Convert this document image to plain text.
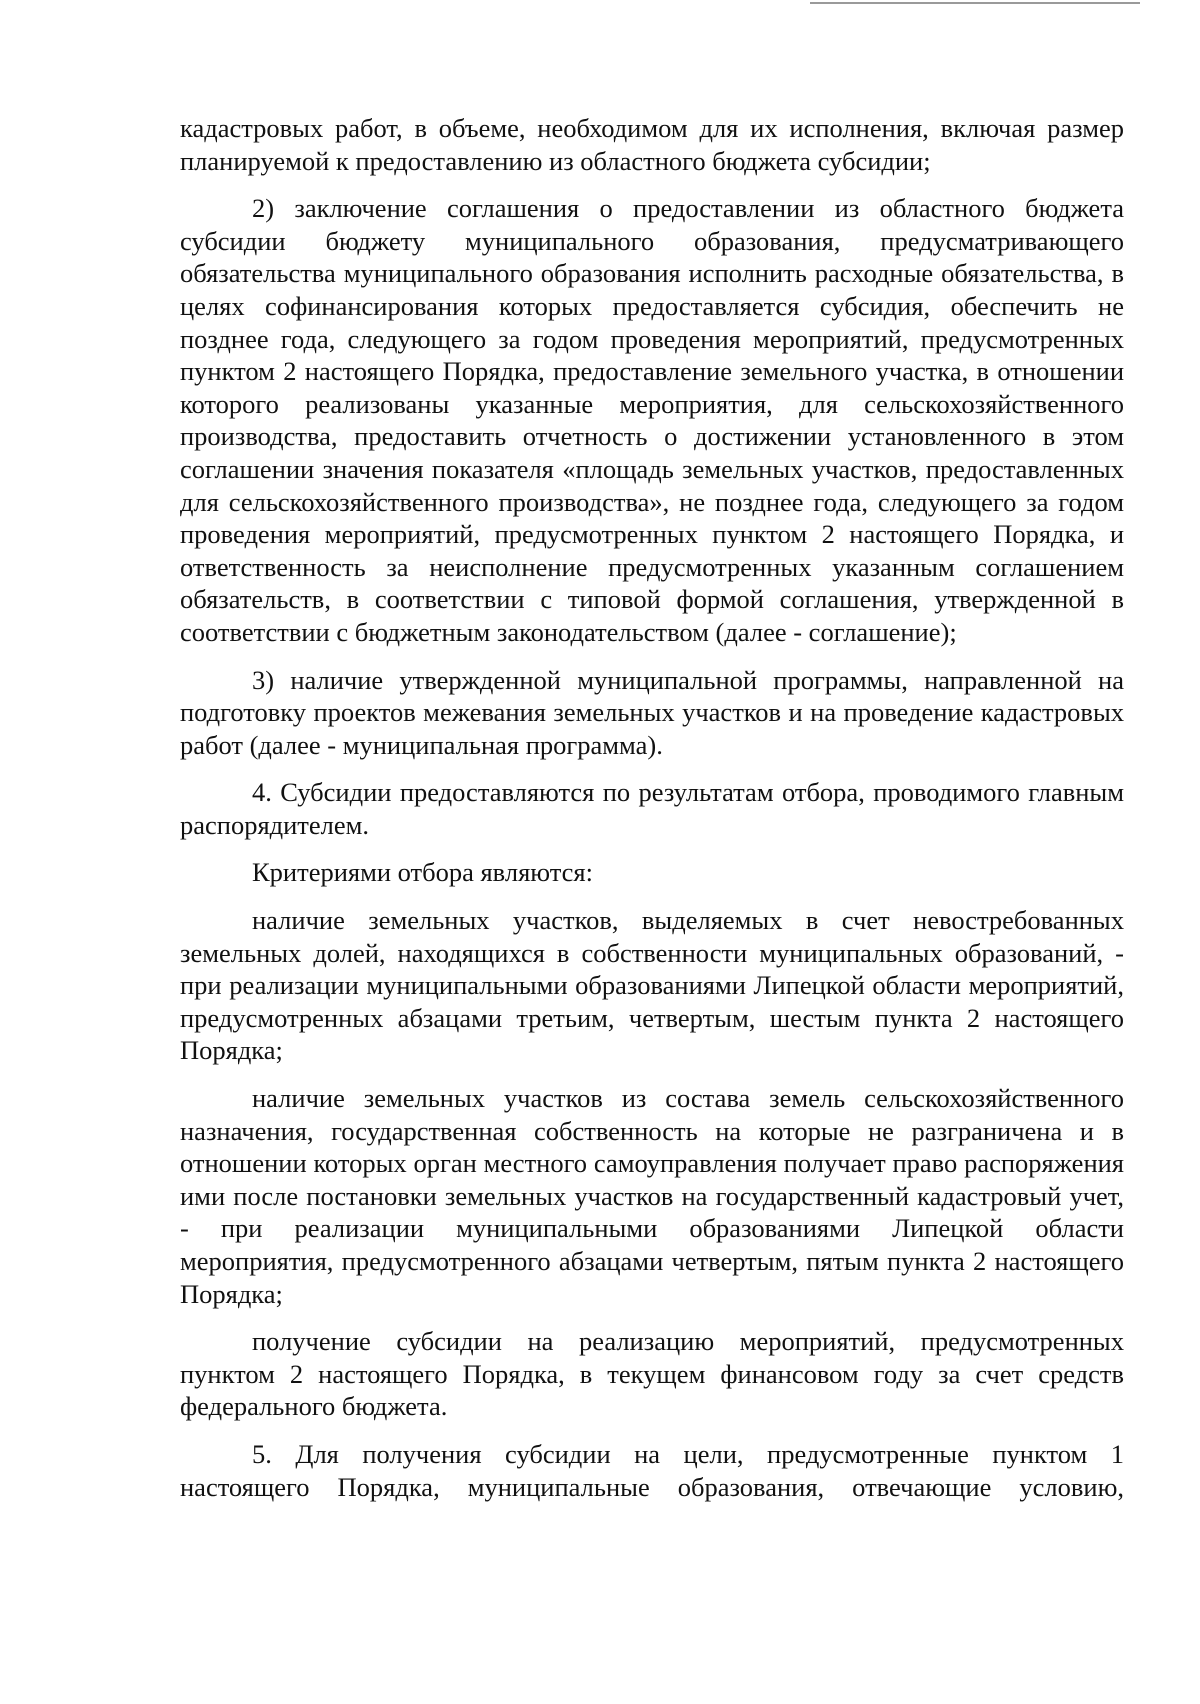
кадастровых работ, в объеме, необходимом для их исполнения, включая размер планируемой к предоставлению из областного бюджета субсидии;

2) заключение соглашения о предоставлении из областного бюджета субсидии бюджету муниципального образования, предусматривающего обязательства муниципального образования исполнить расходные обязательства, в целях софинансирования которых предоставляется субсидия, обеспечить не позднее года, следующего за годом проведения мероприятий, предусмотренных пунктом 2 настоящего Порядка, предоставление земельного участка, в отношении которого реализованы указанные мероприятия, для сельскохозяйственного производства, предоставить отчетность о достижении установленного в этом соглашении значения показателя «площадь земельных участков, предоставленных для сельскохозяйственного производства», не позднее года, следующего за годом проведения мероприятий, предусмотренных пунктом 2 настоящего Порядка, и ответственность за неисполнение предусмотренных указанным соглашением обязательств, в соответствии с типовой формой соглашения, утвержденной в соответствии с бюджетным законодательством (далее - соглашение);

3) наличие утвержденной муниципальной программы, направленной на подготовку проектов межевания земельных участков и на проведение кадастровых работ (далее - муниципальная программа).

4. Субсидии предоставляются по результатам отбора, проводимого главным распорядителем.

Критериями отбора являются:

наличие земельных участков, выделяемых в счет невостребованных земельных долей, находящихся в собственности муниципальных образований, - при реализации муниципальными образованиями Липецкой области мероприятий, предусмотренных абзацами третьим, четвертым, шестым пункта 2 настоящего Порядка;

наличие земельных участков из состава земель сельскохозяйственного назначения, государственная собственность на которые не разграничена и в отношении которых орган местного самоуправления получает право распоряжения ими после постановки земельных участков на государственный кадастровый учет, - при реализации муниципальными образованиями Липецкой области мероприятия, предусмотренного абзацами четвертым, пятым пункта 2 настоящего Порядка;

получение субсидии на реализацию мероприятий, предусмотренных пунктом 2 настоящего Порядка, в текущем финансовом году за счет средств федерального бюджета.

5. Для получения субсидии на цели, предусмотренные пунктом 1 настоящего Порядка, муниципальные образования, отвечающие условию,
